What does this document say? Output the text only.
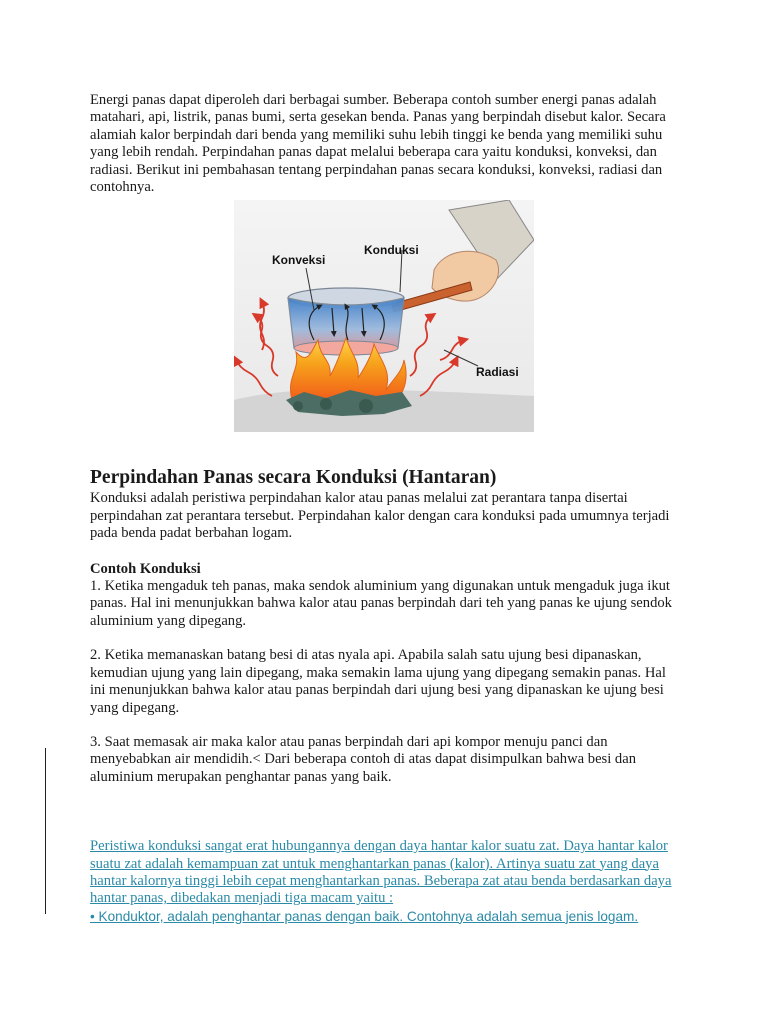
Energi panas dapat diperoleh dari berbagai sumber. Beberapa contoh sumber energi panas adalah matahari, api, listrik, panas bumi, serta gesekan benda. Panas yang berpindah disebut kalor. Secara alamiah kalor berpindah dari benda yang memiliki suhu lebih tinggi ke benda yang memiliki suhu yang lebih rendah. Perpindahan panas dapat melalui beberapa cara yaitu konduksi, konveksi, dan radiasi. Berikut ini pembahasan tentang perpindahan panas secara konduksi, konveksi, radiasi dan contohnya.

Konveksi
Konduksi
Radiasi
Perpindahan Panas secara Konduksi (Hantaran)

Konduksi adalah peristiwa perpindahan kalor atau panas melalui zat perantara tanpa disertai perpindahan zat perantara tersebut. Perpindahan kalor dengan cara konduksi pada umumnya terjadi pada benda padat berbahan logam.

Contoh Konduksi

1. Ketika mengaduk teh panas, maka sendok aluminium yang digunakan untuk mengaduk juga ikut panas. Hal ini menunjukkan bahwa kalor atau panas berpindah dari teh yang panas ke ujung sendok aluminium yang dipegang.

2. Ketika memanaskan batang besi di atas nyala api. Apabila salah satu ujung besi dipanaskan, kemudian ujung yang lain dipegang, maka semakin lama ujung yang dipegang semakin panas. Hal ini menunjukkan bahwa kalor atau panas berpindah dari ujung besi yang dipanaskan ke ujung besi yang dipegang.

3. Saat memasak air maka kalor atau panas berpindah dari api kompor menuju panci dan menyebabkan air mendidih.< Dari beberapa contoh di atas dapat disimpulkan bahwa besi dan aluminium merupakan penghantar panas yang baik.

Peristiwa konduksi sangat erat hubungannya dengan daya hantar kalor suatu zat. Daya hantar kalor suatu zat adalah kemampuan zat untuk menghantarkan panas (kalor). Artinya suatu zat yang daya hantar kalornya tinggi lebih cepat menghantarkan panas. Beberapa zat atau benda berdasarkan daya hantar panas, dibedakan menjadi tiga macam yaitu :

• Konduktor, adalah penghantar panas dengan baik. Contohnya adalah semua jenis logam.
